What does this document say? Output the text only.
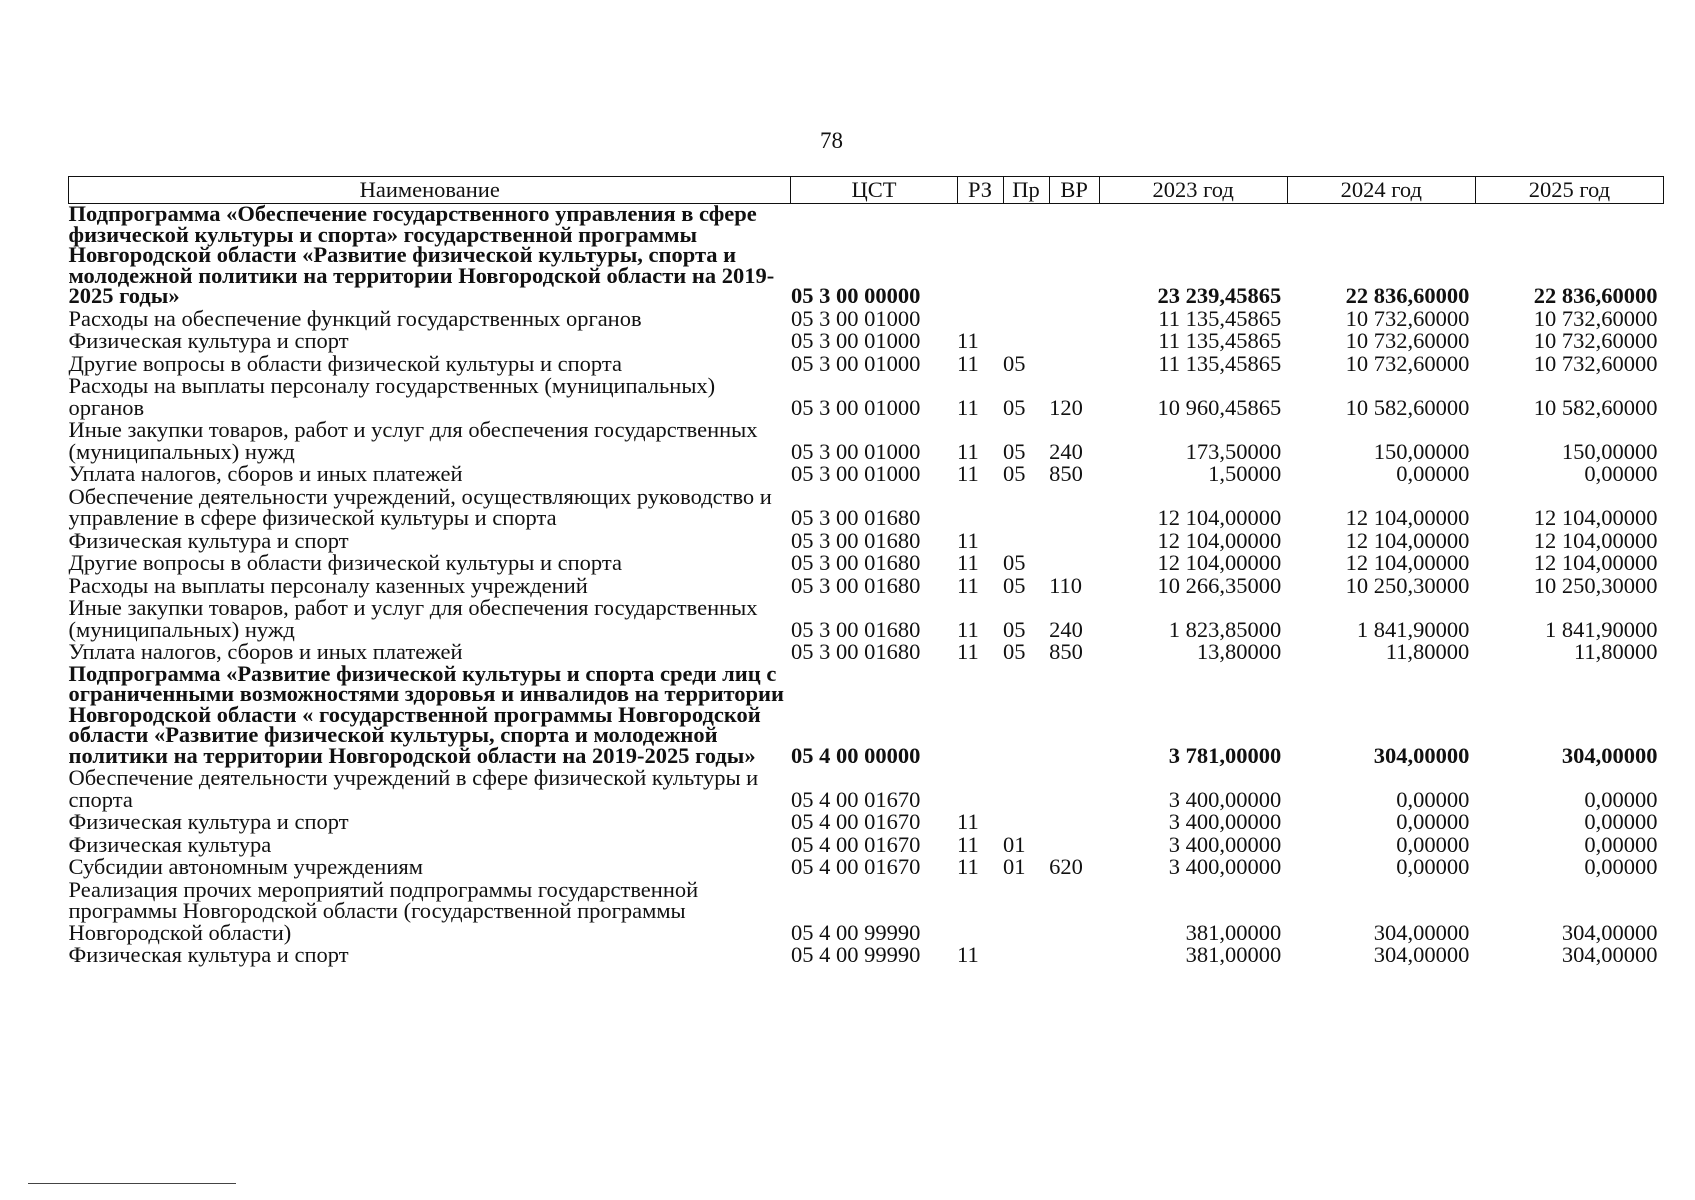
78
Наименование	ЦСТ	РЗ	Пр	ВР	2023 год	2024 год	2025 год
Подпрограмма «Обеспечение государственного управления в сфере физической культуры и спорта» государственной программы Новгородской области «Развитие физической культуры, спорта и молодежной политики на территории Новгородской области на 2019-2025 годы»	05 3 00 00000				23 239,45865	22 836,60000	22 836,60000
Расходы на обеспечение функций государственных органов	05 3 00 01000				11 135,45865	10 732,60000	10 732,60000
Физическая культура и спорт	05 3 00 01000	11			11 135,45865	10 732,60000	10 732,60000
Другие вопросы в области физической культуры и спорта	05 3 00 01000	11	05		11 135,45865	10 732,60000	10 732,60000
Расходы на выплаты персоналу государственных (муниципальных) органов	05 3 00 01000	11	05	120	10 960,45865	10 582,60000	10 582,60000
Иные закупки товаров, работ и услуг для обеспечения государственных (муниципальных) нужд	05 3 00 01000	11	05	240	173,50000	150,00000	150,00000
Уплата налогов, сборов и иных платежей	05 3 00 01000	11	05	850	1,50000	0,00000	0,00000
Обеспечение деятельности учреждений, осуществляющих руководство и управление в сфере физической культуры и спорта	05 3 00 01680				12 104,00000	12 104,00000	12 104,00000
Физическая культура и спорт	05 3 00 01680	11			12 104,00000	12 104,00000	12 104,00000
Другие вопросы в области физической культуры и спорта	05 3 00 01680	11	05		12 104,00000	12 104,00000	12 104,00000
Расходы на выплаты персоналу казенных учреждений	05 3 00 01680	11	05	110	10 266,35000	10 250,30000	10 250,30000
Иные закупки товаров, работ и услуг для обеспечения государственных (муниципальных) нужд	05 3 00 01680	11	05	240	1 823,85000	1 841,90000	1 841,90000
Уплата налогов, сборов и иных платежей	05 3 00 01680	11	05	850	13,80000	11,80000	11,80000
Подпрограмма «Развитие физической культуры и спорта среди лиц с ограниченными возможностями здоровья и инвалидов на территории Новгородской области « государственной программы Новгородской области «Развитие физической культуры, спорта и молодежной политики на территории Новгородской области на 2019-2025 годы»	05 4 00 00000				3 781,00000	304,00000	304,00000
Обеспечение деятельности учреждений в сфере физической культуры и спорта	05 4 00 01670				3 400,00000	0,00000	0,00000
Физическая культура и спорт	05 4 00 01670	11			3 400,00000	0,00000	0,00000
Физическая культура	05 4 00 01670	11	01		3 400,00000	0,00000	0,00000
Субсидии автономным учреждениям	05 4 00 01670	11	01	620	3 400,00000	0,00000	0,00000
Реализация прочих мероприятий подпрограммы государственной программы Новгородской области (государственной программы Новгородской области)	05 4 00 99990				381,00000	304,00000	304,00000
Физическая культура и спорт	05 4 00 99990	11			381,00000	304,00000	304,00000
